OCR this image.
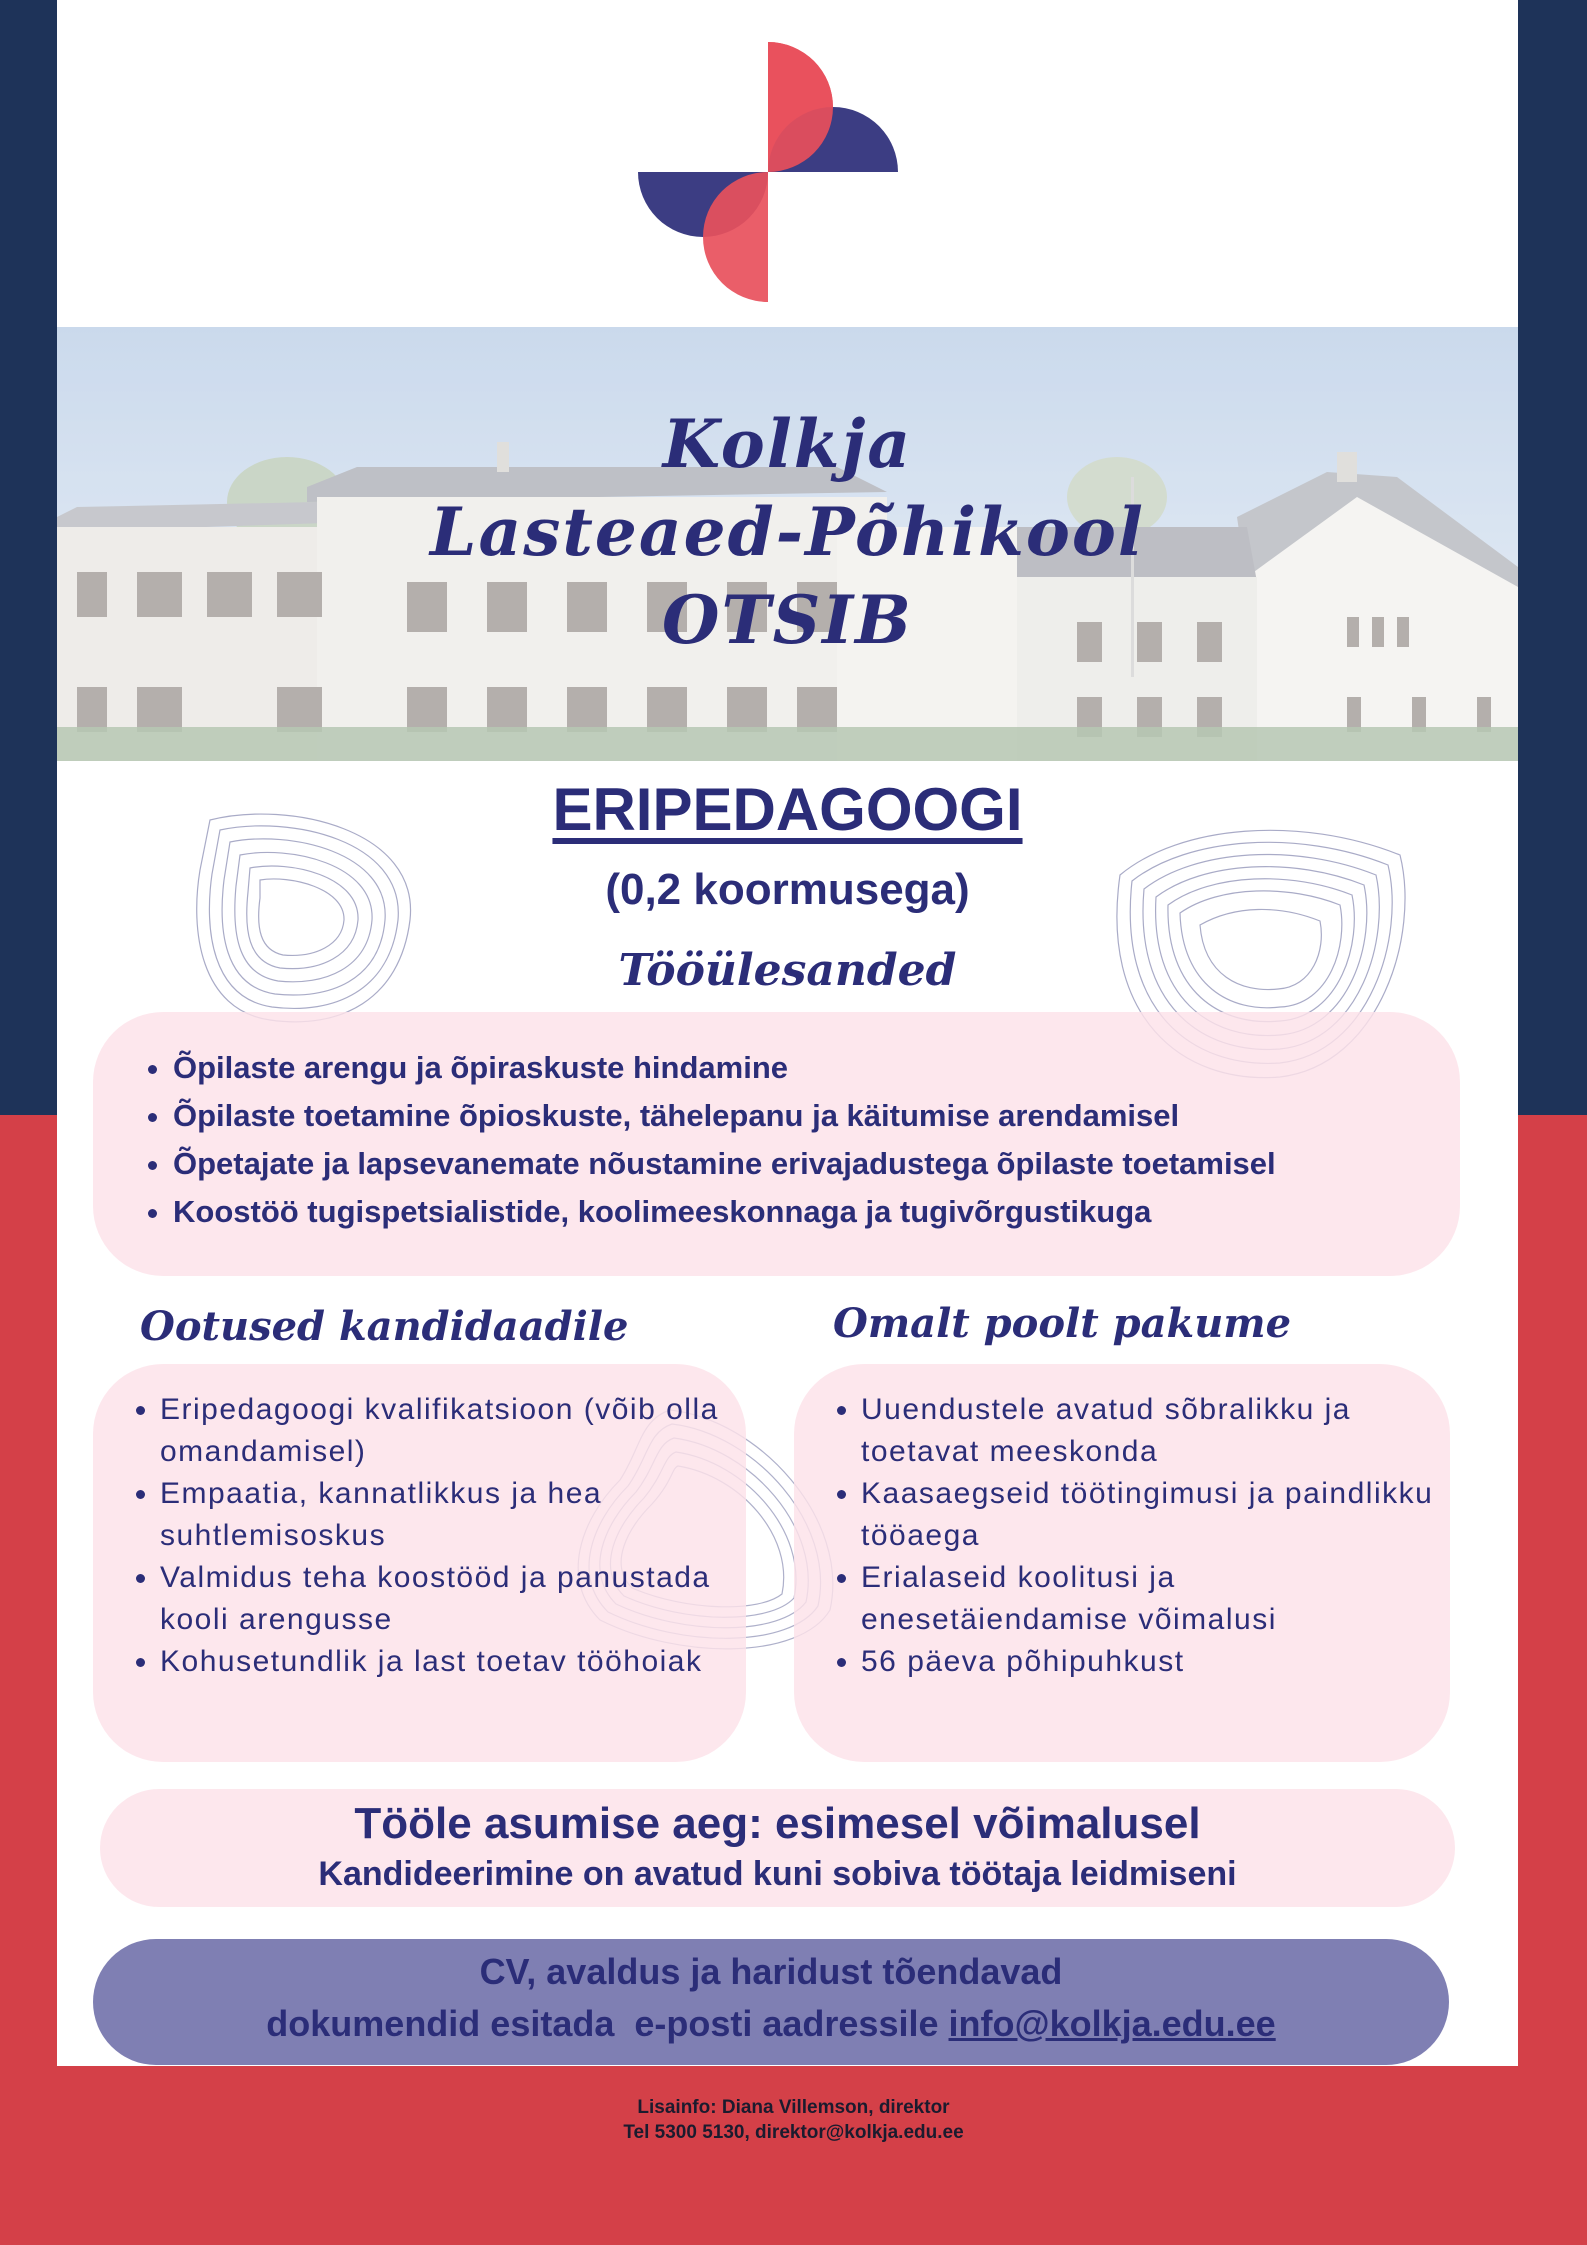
Kolkja
Lasteaed-Põhikool
OTSIB
ERIPEDAGOOGI
(0,2 koormusega)
Tööülesanded
• Õpilaste arengu ja õpiraskuste hindamine
• Õpilaste toetamine õpioskuste, tähelepanu ja käitumise arendamisel
• Õpetajate ja lapsevanemate nõustamine erivajadustega õpilaste toetamisel
• Koostöö tugispetsialistide, koolimeeskonnaga ja tugivõrgustikuga
Ootused kandidaadile	Omalt poolt pakume
• Eripedagoogi kvalifikatsioon (võib olla omandamisel)
• Empaatia, kannatlikkus ja hea suhtlemisoskus
• Valmidus teha koostööd ja panustada kooli arengusse
• Kohusetundlik ja last toetav tööhoiak
• Uuendustele avatud sõbralikku ja toetavat meeskonda
• Kaasaegseid töötingimusi ja paindlikku tööaega
• Erialaseid koolitusi ja enesetäiendamise võimalusi
• 56 päeva põhipuhkust
Tööle asumise aeg: esimesel võimalusel
Kandideerimine on avatud kuni sobiva töötaja leidmiseni
CV, avaldus ja haridust tõendavad
dokumendid esitada  e-posti aadressile info@kolkja.edu.ee
Lisainfo: Diana Villemson, direktor
Tel 5300 5130, direktor@kolkja.edu.ee
